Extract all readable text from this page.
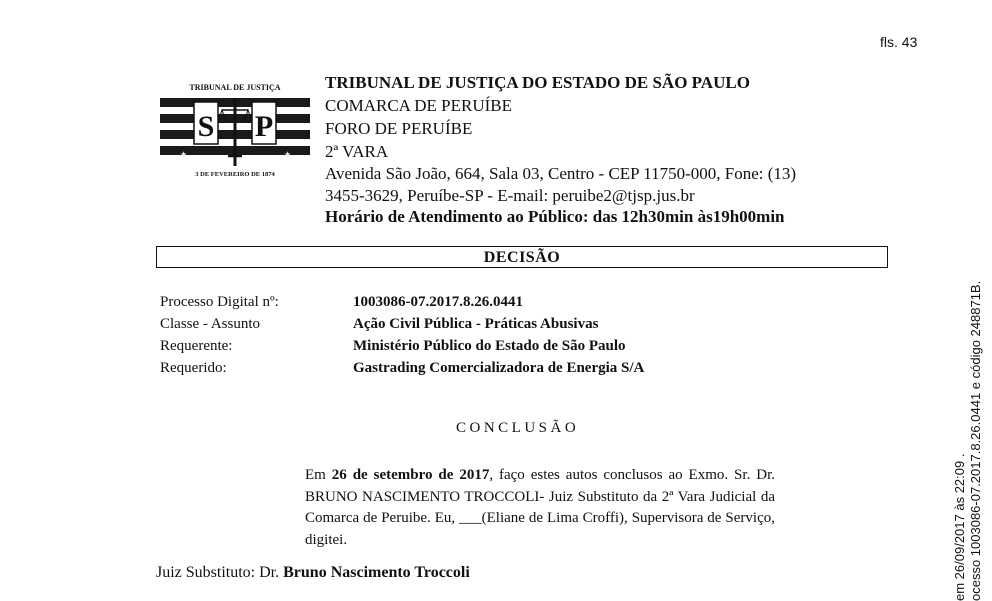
fls. 43
TRIBUNAL DE JUSTIÇA
S P
★	★
3 DE FEVEREIRO DE 1874
TRIBUNAL DE JUSTIÇA DO ESTADO DE SÃO PAULO
COMARCA DE PERUÍBE
FORO DE PERUÍBE
2ª VARA
Avenida São João, 664, Sala 03, Centro - CEP 11750-000, Fone: (13)
3455-3629, Peruíbe-SP - E-mail: peruibe2@tjsp.jus.br
Horário de Atendimento ao Público: das 12h30min às19h00min
DECISÃO
Processo Digital nº:	1003086-07.2017.8.26.0441
Classe - Assunto	Ação Civil Pública - Práticas Abusivas
Requerente:	Ministério Público do Estado de São Paulo
Requerido:	Gastrading Comercializadora de Energia S/A
CONCLUSÃO
Em 26 de setembro de 2017, faço estes autos conclusos ao Exmo. Sr. Dr. BRUNO NASCIMENTO TROCCOLI- Juiz Substituto da 2ª Vara Judicial da Comarca de Peruibe. Eu, ___(Eliane de Lima Croffi), Supervisora de Serviço, digitei.
Juiz Substituto: Dr. Bruno Nascimento Troccoli	em 26/09/2017 às 22:09 . ocesso 1003086-07.2017.8.26.0441 e código 248871B.
